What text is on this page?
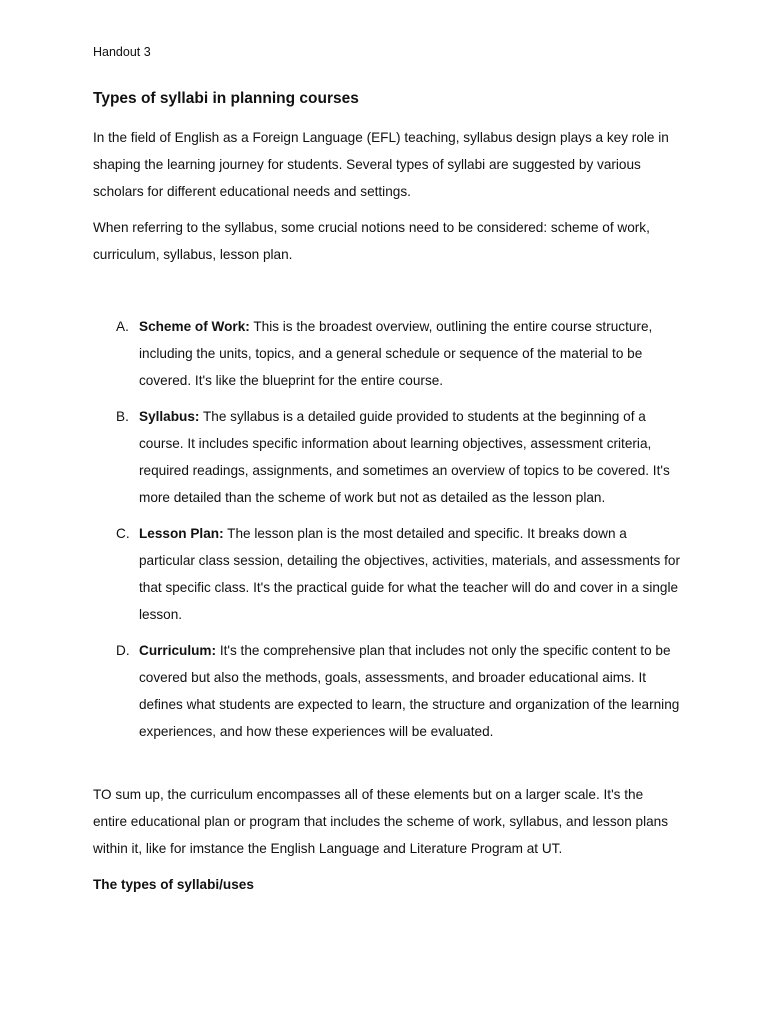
Handout 3
Types of syllabi in planning courses

In the field of English as a Foreign Language (EFL) teaching, syllabus design plays a key role in shaping the learning journey for students. Several types of syllabi are suggested by various scholars for different educational needs and settings.

When referring to the syllabus, some crucial notions need to be considered: scheme of work, curriculum, syllabus, lesson plan.

A. Scheme of Work: This is the broadest overview, outlining the entire course structure, including the units, topics, and a general schedule or sequence of the material to be covered. It's like the blueprint for the entire course.
B. Syllabus: The syllabus is a detailed guide provided to students at the beginning of a course. It includes specific information about learning objectives, assessment criteria, required readings, assignments, and sometimes an overview of topics to be covered. It's more detailed than the scheme of work but not as detailed as the lesson plan.
C. Lesson Plan: The lesson plan is the most detailed and specific. It breaks down a particular class session, detailing the objectives, activities, materials, and assessments for that specific class. It's the practical guide for what the teacher will do and cover in a single lesson.
D. Curriculum: It's the comprehensive plan that includes not only the specific content to be covered but also the methods, goals, assessments, and broader educational aims. It defines what students are expected to learn, the structure and organization of the learning experiences, and how these experiences will be evaluated.

TO sum up, the curriculum encompasses all of these elements but on a larger scale. It's the entire educational plan or program that includes the scheme of work, syllabus, and lesson plans within it, like for imstance the English Language and Literature Program at UT.

The types of syllabi/uses
